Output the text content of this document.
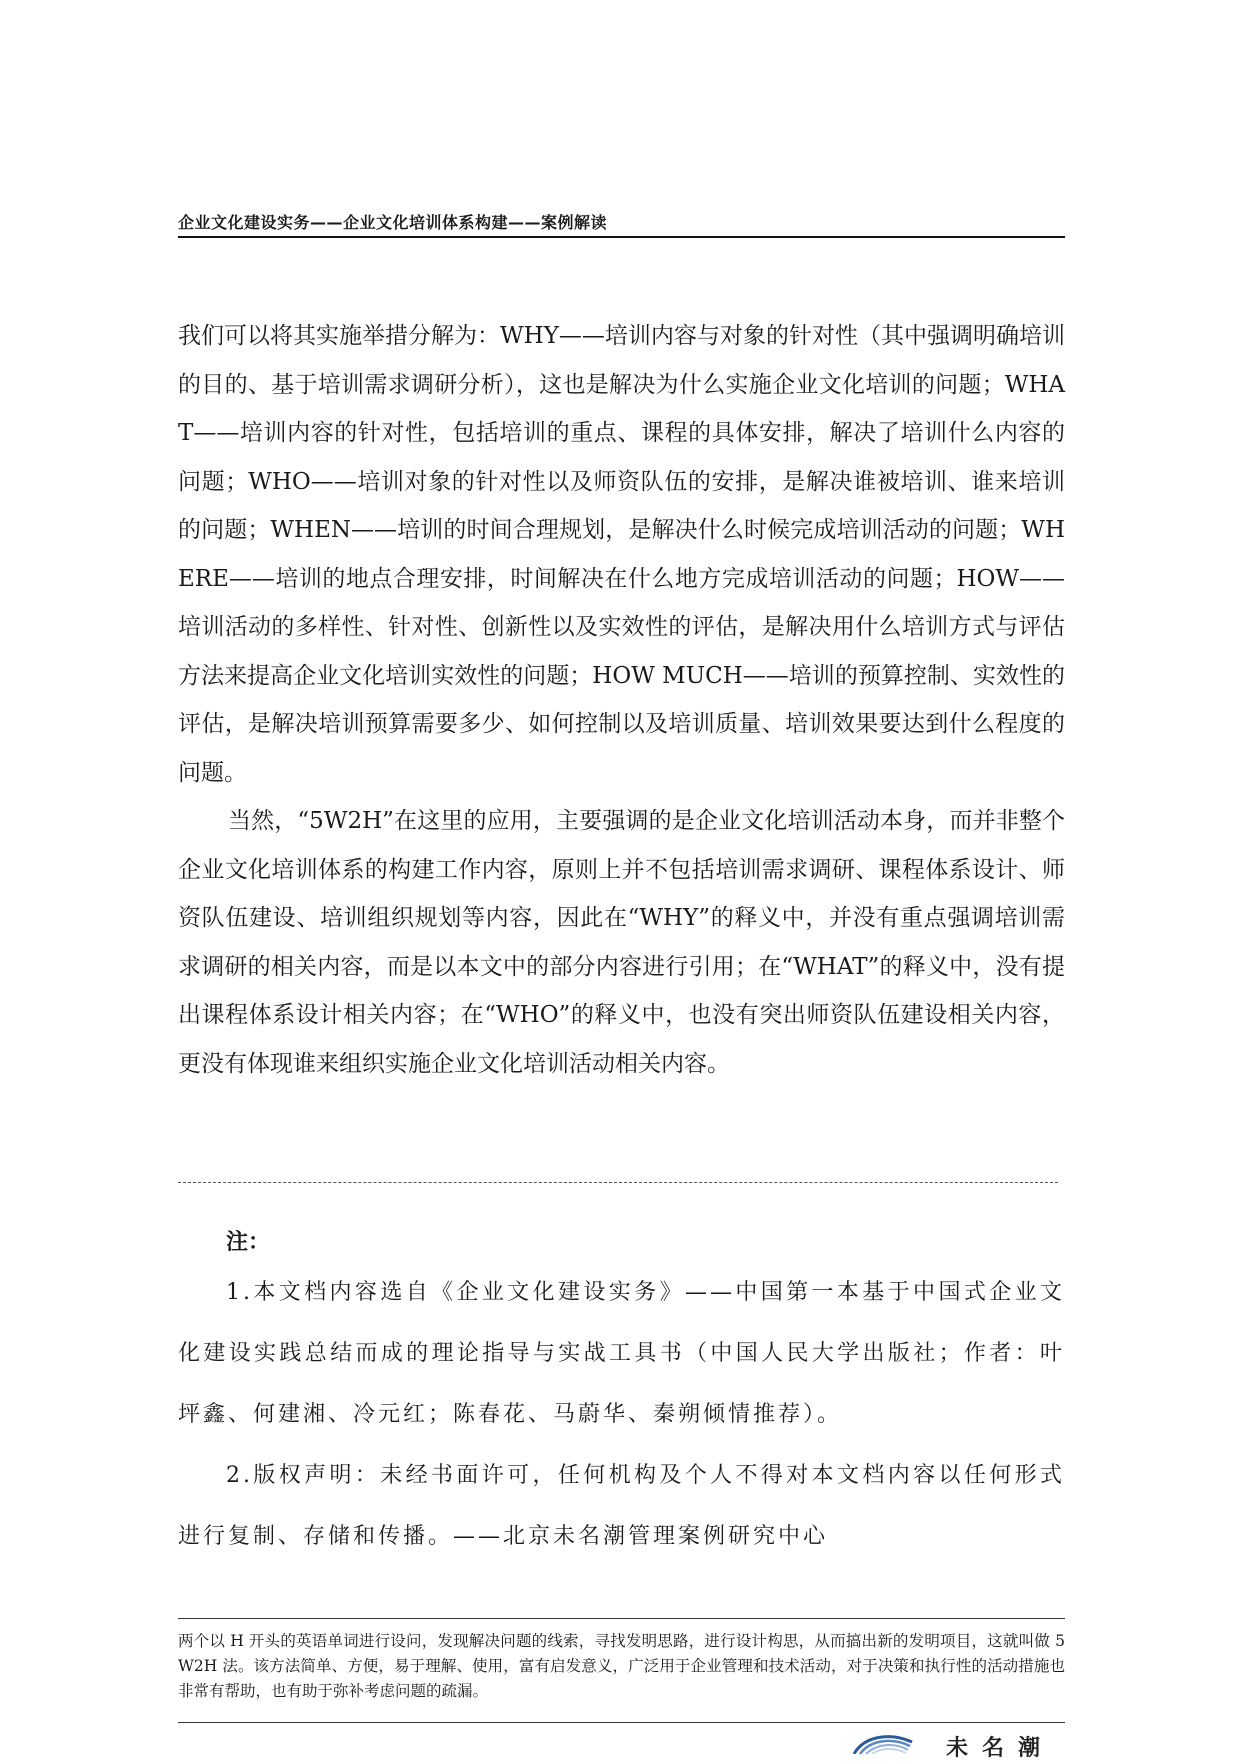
企业文化建设实务——企业文化培训体系构建——案例解读

我们可以将其实施举措分解为：WHY——培训内容与对象的针对性（其中强调明确培训的目的、基于培训需求调研分析），这也是解决为什么实施企业文化培训的问题；WHAT——培训内容的针对性，包括培训的重点、课程的具体安排，解决了培训什么内容的问题；WHO——培训对象的针对性以及师资队伍的安排，是解决谁被培训、谁来培训的问题；WHEN——培训的时间合理规划，是解决什么时候完成培训活动的问题；WHERE——培训的地点合理安排，时间解决在什么地方完成培训活动的问题；HOW——培训活动的多样性、针对性、创新性以及实效性的评估，是解决用什么培训方式与评估方法来提高企业文化培训实效性的问题；HOW MUCH——培训的预算控制、实效性的评估，是解决培训预算需要多少、如何控制以及培训质量、培训效果要达到什么程度的问题。

当然，“5W2H”在这里的应用，主要强调的是企业文化培训活动本身，而并非整个企业文化培训体系的构建工作内容，原则上并不包括培训需求调研、课程体系设计、师资队伍建设、培训组织规划等内容，因此在“WHY”的释义中，并没有重点强调培训需求调研的相关内容，而是以本文中的部分内容进行引用；在“WHAT”的释义中，没有提出课程体系设计相关内容；在“WHO”的释义中，也没有突出师资队伍建设相关内容，更没有体现谁来组织实施企业文化培训活动相关内容。

注：

1.本文档内容选自《企业文化建设实务》——中国第一本基于中国式企业文化建设实践总结而成的理论指导与实战工具书（中国人民大学出版社；作者：叶坪鑫、何建湘、冷元红；陈春花、马蔚华、秦朔倾情推荐）。

2.版权声明：未经书面许可，任何机构及个人不得对本文档内容以任何形式进行复制、存储和传播。——北京未名潮管理案例研究中心

两个以 H 开头的英语单词进行设问，发现解决问题的线索，寻找发明思路，进行设计构思，从而搞出新的发明项目，这就叫做 5W2H 法。该方法简单、方便，易于理解、使用，富有启发意义，广泛用于企业管理和技术活动，对于决策和执行性的活动措施也非常有帮助，也有助于弥补考虑问题的疏漏。

未名潮
